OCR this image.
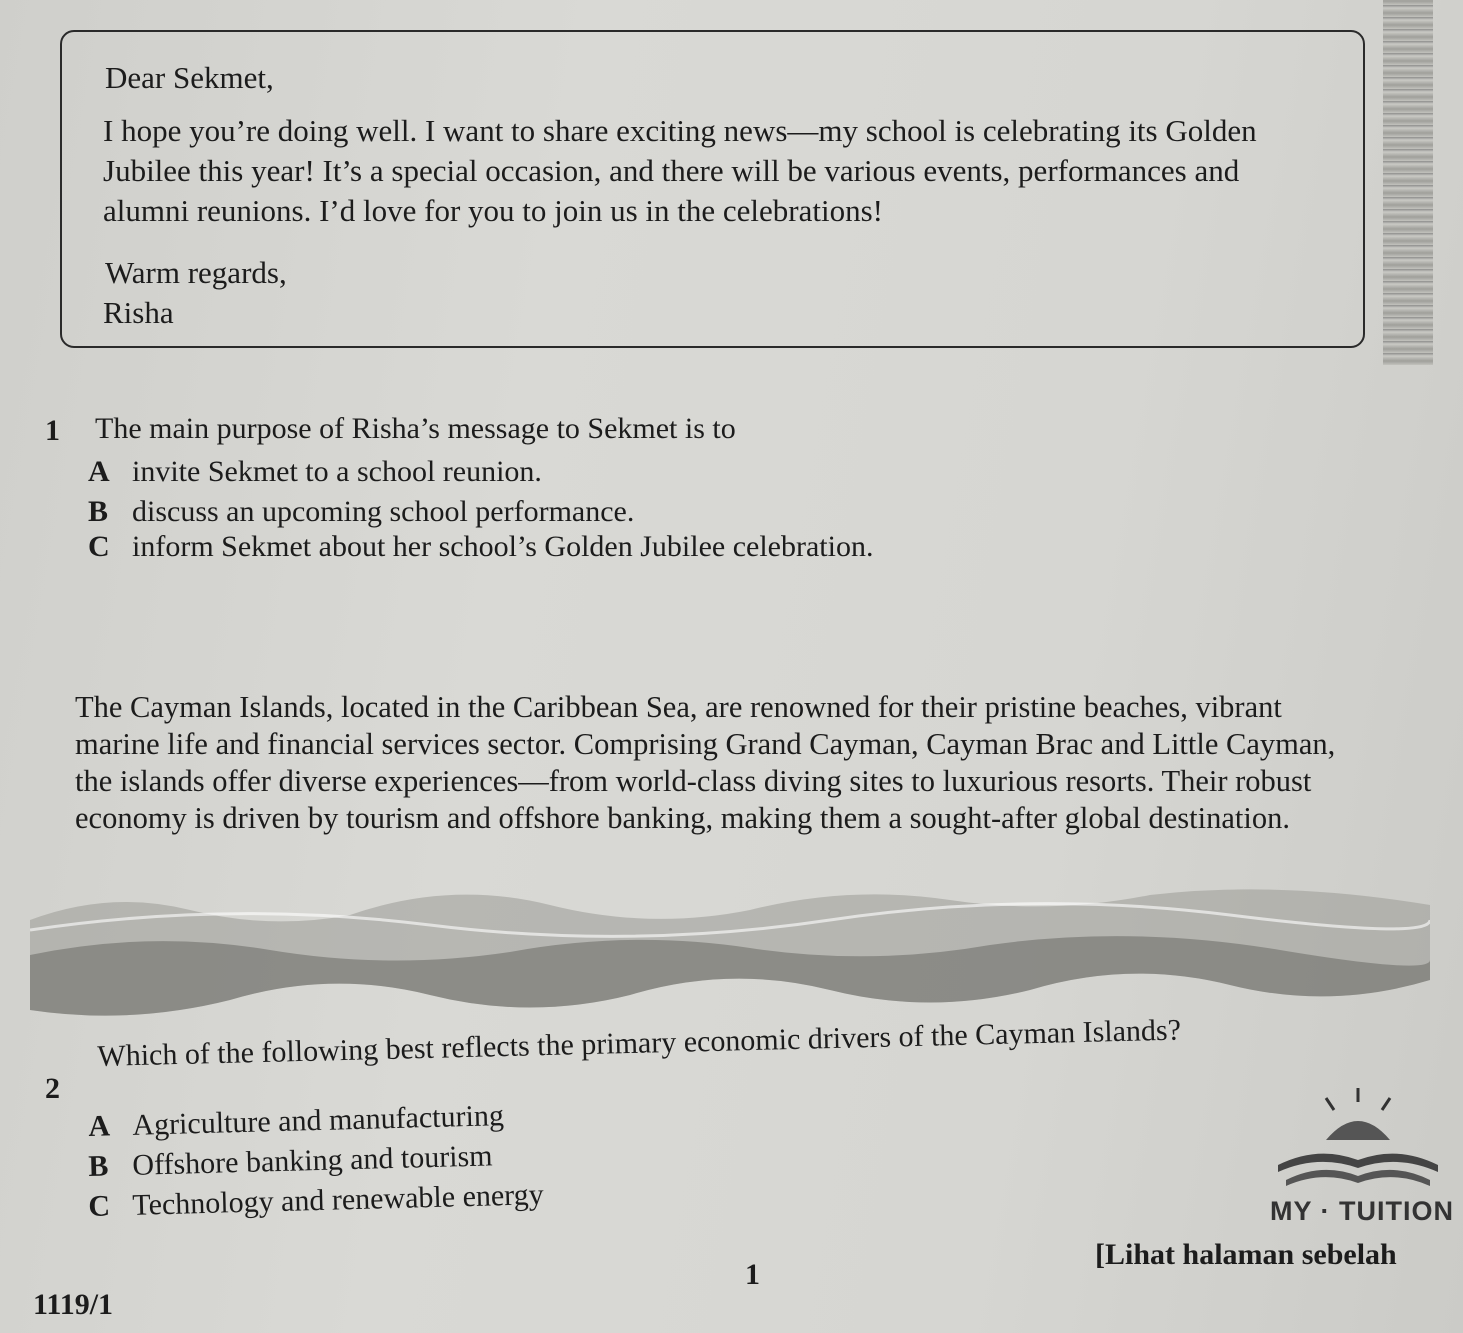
Dear Sekmet,
I hope you’re doing well. I want to share exciting news—my school is celebrating its Golden
Jubilee this year! It’s a special occasion, and there will be various events, performances and
alumni reunions. I’d love for you to join us in the celebrations!
Warm regards,
Risha
1 The main purpose of Risha’s message to Sekmet is to
A invite Sekmet to a school reunion.
B discuss an upcoming school performance.
C inform Sekmet about her school’s Golden Jubilee celebration.
The Cayman Islands, located in the Caribbean Sea, are renowned for their pristine beaches, vibrant
marine life and financial services sector. Comprising Grand Cayman, Cayman Brac and Little Cayman,
the islands offer diverse experiences—from world-class diving sites to luxurious resorts. Their robust
economy is driven by tourism and offshore banking, making them a sought-after global destination.
2
Which of the following best reflects the primary economic drivers of the Cayman Islands?
A Agriculture and manufacturing
B Offshore banking and tourism
C Technology and renewable energy	MY · TUITION
1
[Lihat halaman sebelah
1119/1
